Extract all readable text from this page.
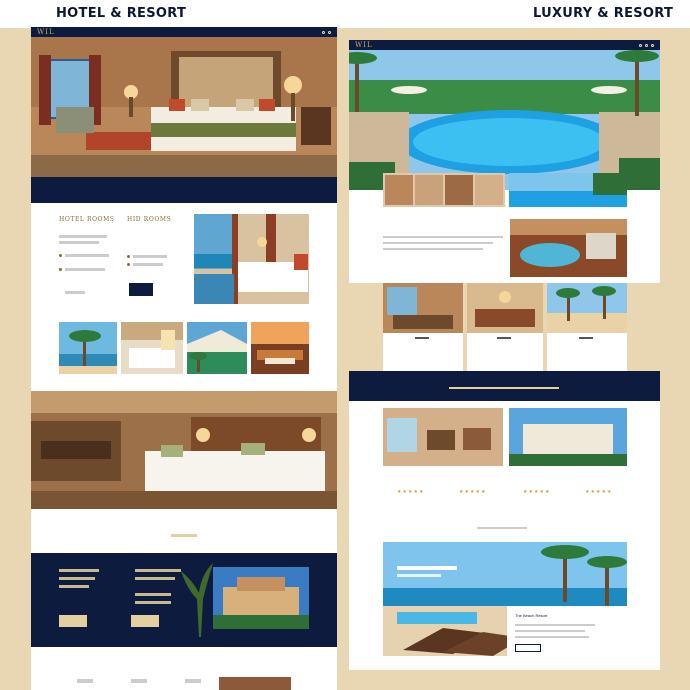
HOTEL & RESORT	LUXURY & RESORT
WIL
HOTEL ROOMS HID ROOMS
WIL
★ ★ ★ ★ ★	★ ★ ★ ★ ★	★ ★ ★ ★ ★	★ ★ ★ ★ ★
The Beach Resort
